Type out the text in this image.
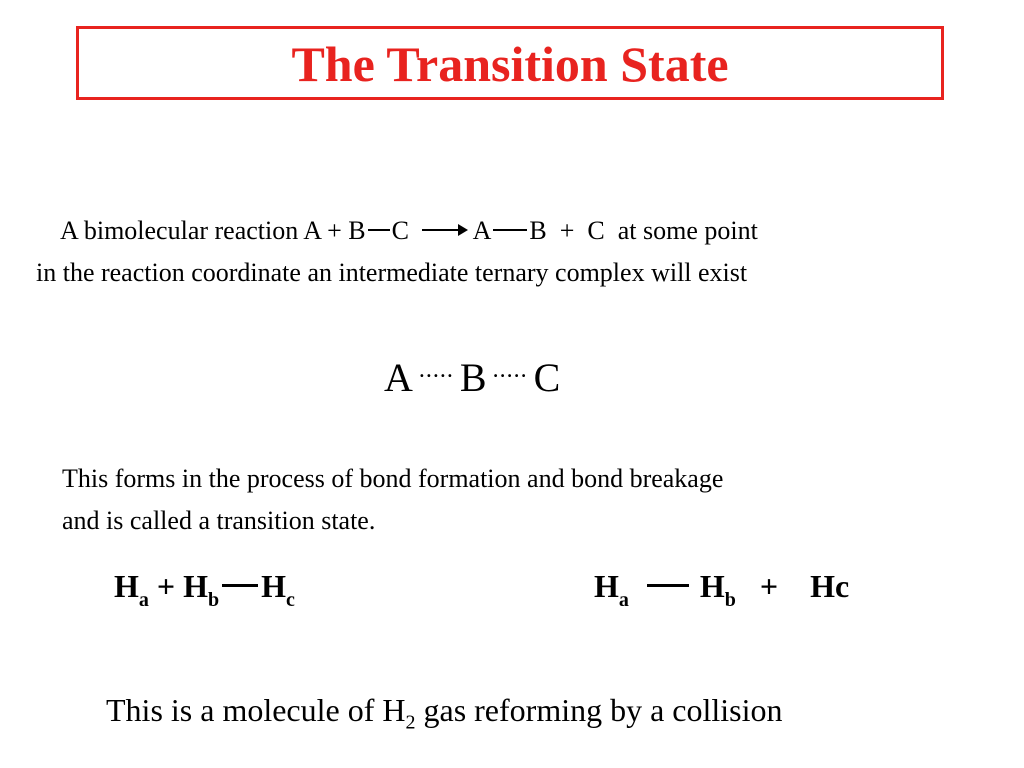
The Transition State
A bimolecular reaction A + B C → A B + C at some point
in the reaction coordinate an intermediate ternary complex will exist
A ..... B ..... C
This forms in the process of bond formation and bond breakage
and is called a transition state.
$H_a + H_b$ $H_c$	$H_a$ $H_b + Hc$
This is a molecule of $H_2$ gas reforming by a collision
